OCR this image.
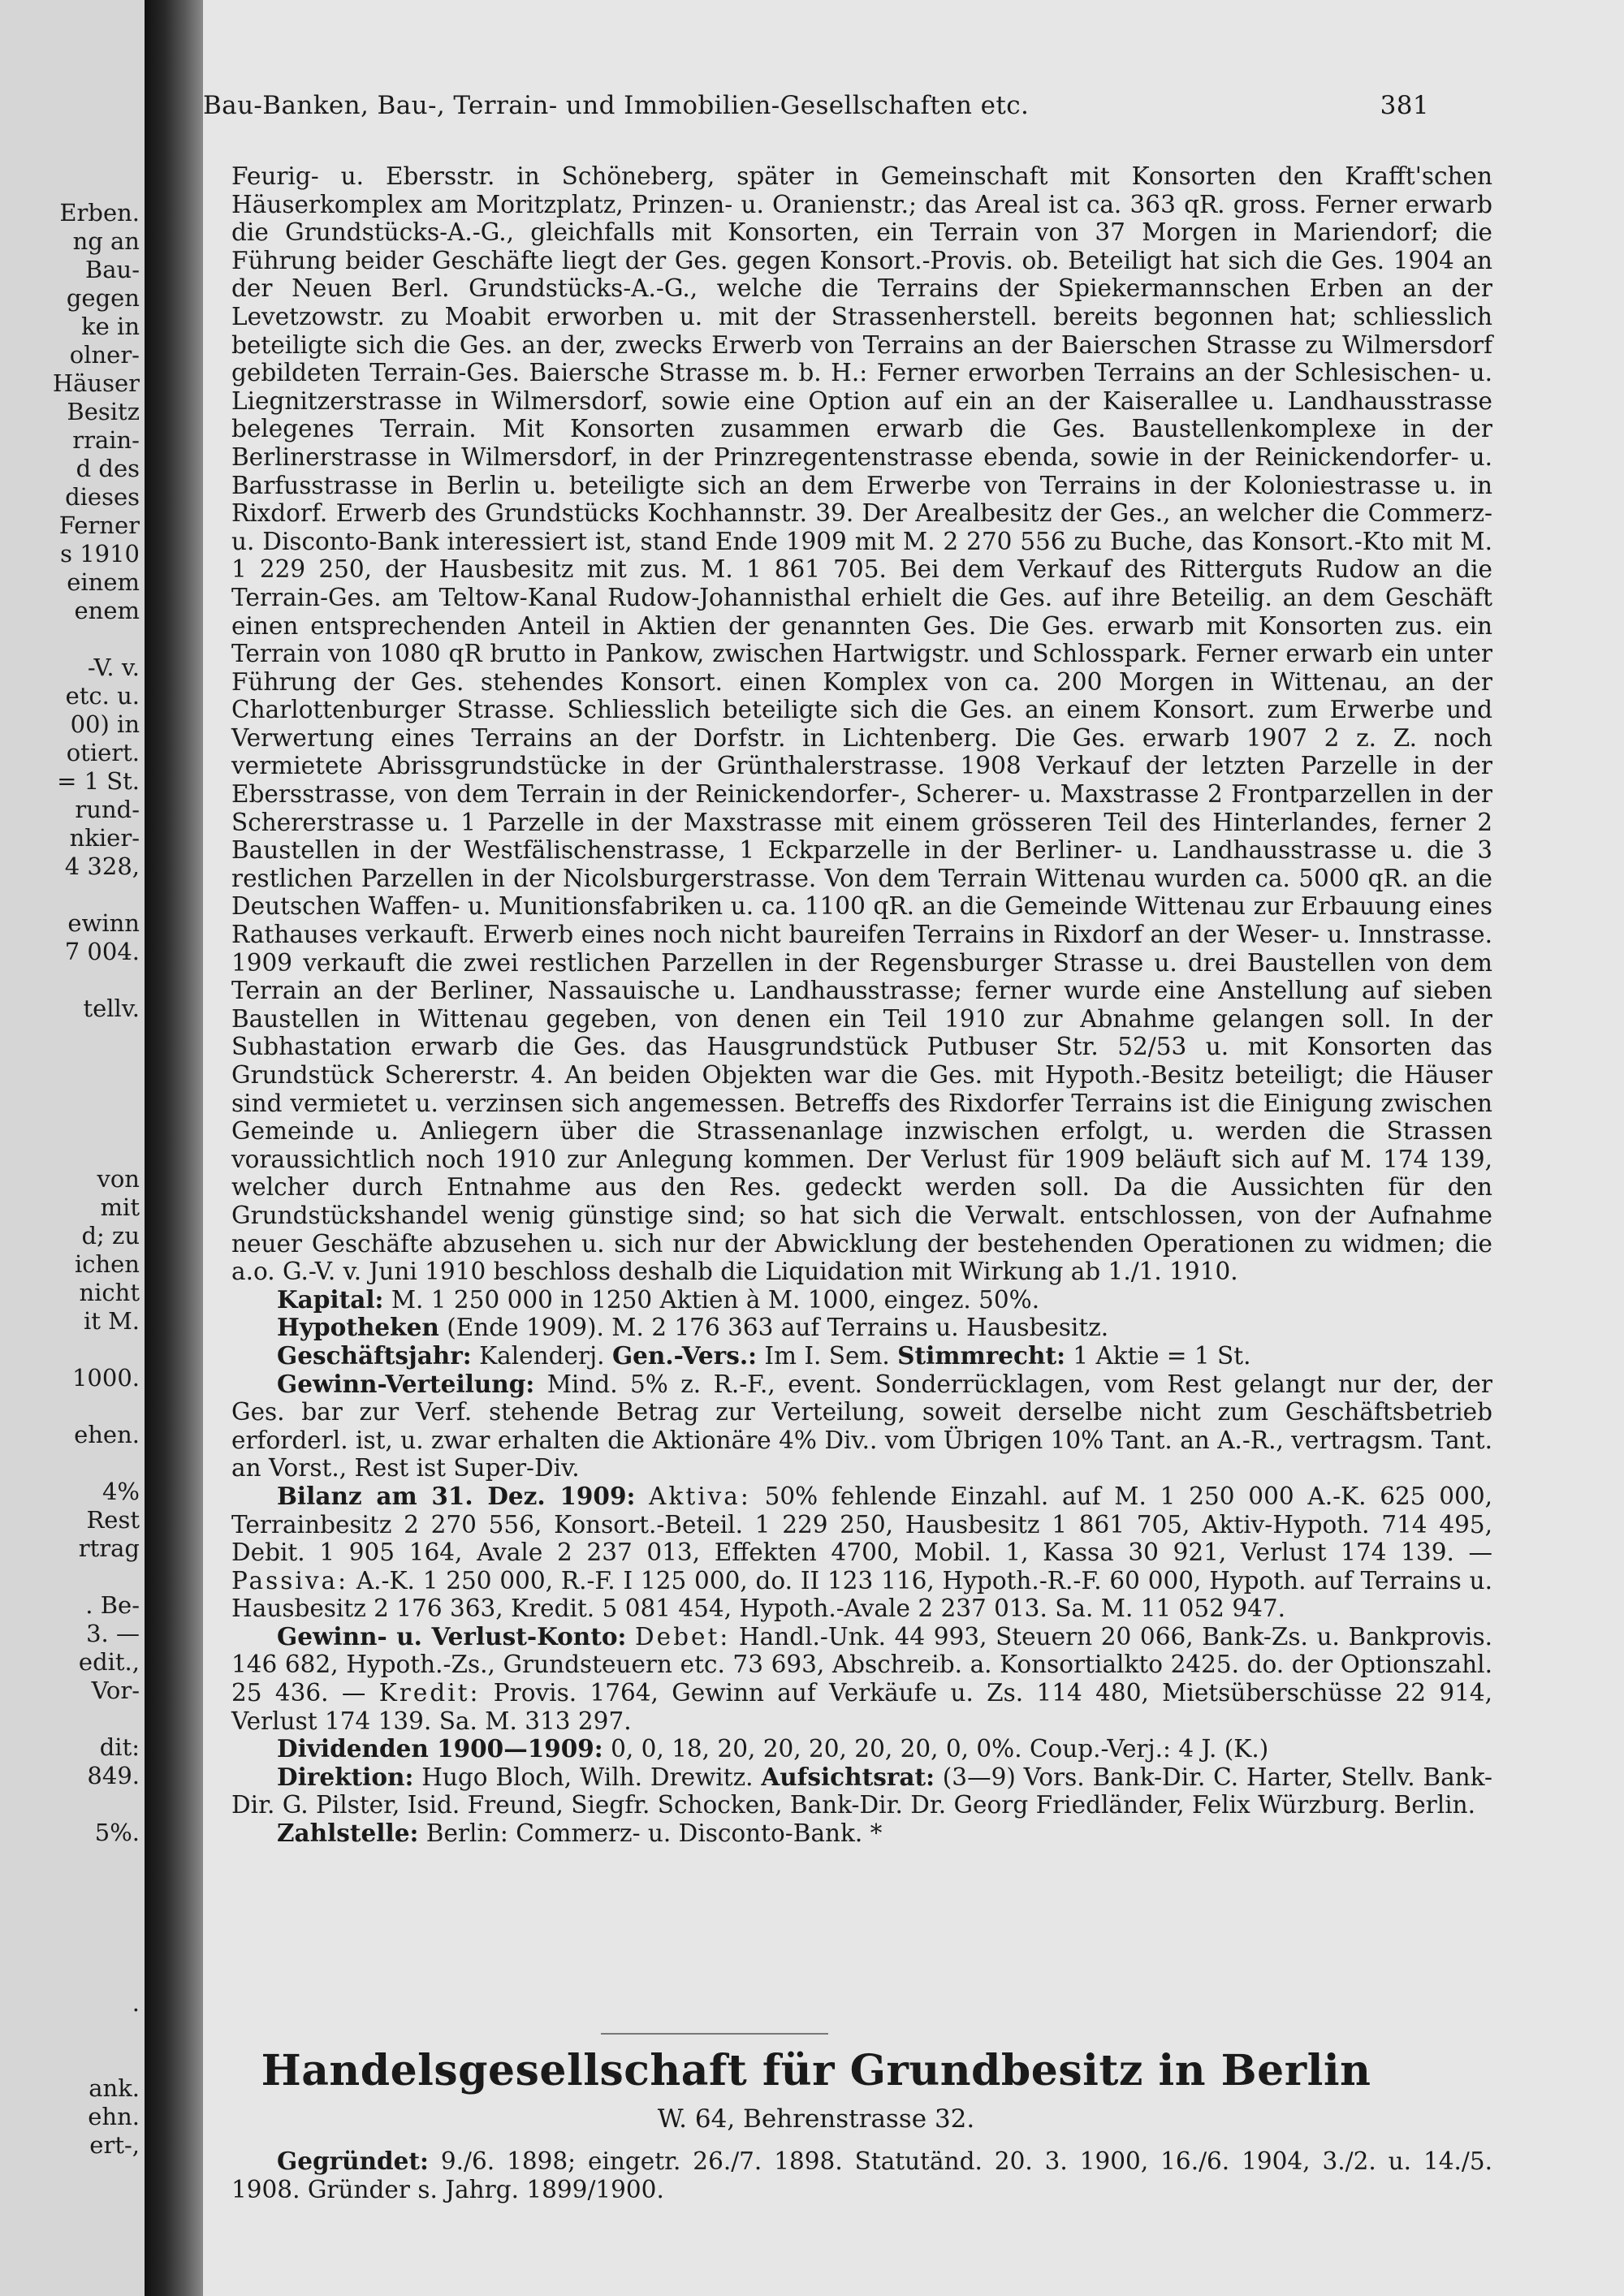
Erben.
ng an
Bau-
gegen
ke in
olner-
Häuser
Besitz
rrain-
d des
dieses
Ferner
s 1910
einem
enem
-V. v.
etc. u.
00) in
otiert.
= 1 St.
rund-
nkier-
4 328,
ewinn
7 004.
tellv.
von
mit
d; zu
ichen
nicht
it M.
1000.
ehen.
4%
Rest
rtrag
. Be-
3. —
edit.,
Vor-
dit:
849.
5%.
.
ank.
ehn.
ert-,
Bau-Banken, Bau-, Terrain- und Immobilien-Gesellschaften etc.	381

Feurig- u. Ebersstr. in Schöneberg, später in Gemeinschaft mit Konsorten den Krafft'schen Häuserkomplex am Moritzplatz, Prinzen- u. Oranienstr.; das Areal ist ca. 363 qR. gross. Ferner erwarb die Grundstücks-A.-G., gleichfalls mit Konsorten, ein Terrain von 37 Morgen in Mariendorf; die Führung beider Geschäfte liegt der Ges. gegen Konsort.-Provis. ob. Beteiligt hat sich die Ges. 1904 an der Neuen Berl. Grundstücks-A.-G., welche die Terrains der Spiekermannschen Erben an der Levetzowstr. zu Moabit erworben u. mit der Strassenherstell. bereits begonnen hat; schliesslich beteiligte sich die Ges. an der, zwecks Erwerb von Terrains an der Baierschen Strasse zu Wilmersdorf gebildeten Terrain-Ges. Baiersche Strasse m. b. H.: Ferner erworben Terrains an der Schlesischen- u. Liegnitzerstrasse in Wilmersdorf, sowie eine Option auf ein an der Kaiserallee u. Landhausstrasse belegenes Terrain. Mit Konsorten zusammen erwarb die Ges. Baustellenkomplexe in der Berlinerstrasse in Wilmersdorf, in der Prinzregentenstrasse ebenda, sowie in der Reinickendorfer- u. Barfusstrasse in Berlin u. beteiligte sich an dem Erwerbe von Terrains in der Koloniestrasse u. in Rixdorf. Erwerb des Grundstücks Kochhannstr. 39. Der Arealbesitz der Ges., an welcher die Commerz- u. Disconto-Bank interessiert ist, stand Ende 1909 mit M. 2 270 556 zu Buche, das Konsort.-Kto mit M. 1 229 250, der Hausbesitz mit zus. M. 1 861 705. Bei dem Verkauf des Ritterguts Rudow an die Terrain-Ges. am Teltow-Kanal Rudow-Johannisthal erhielt die Ges. auf ihre Beteilig. an dem Geschäft einen entsprechenden Anteil in Aktien der genannten Ges. Die Ges. erwarb mit Konsorten zus. ein Terrain von 1080 qR brutto in Pankow, zwischen Hartwigstr. und Schlosspark. Ferner erwarb ein unter Führung der Ges. stehendes Konsort. einen Komplex von ca. 200 Morgen in Wittenau, an der Charlottenburger Strasse. Schliesslich beteiligte sich die Ges. an einem Konsort. zum Erwerbe und Verwertung eines Terrains an der Dorfstr. in Lichtenberg. Die Ges. erwarb 1907 2 z. Z. noch vermietete Abrissgrundstücke in der Grünthalerstrasse. 1908 Verkauf der letzten Parzelle in der Ebersstrasse, von dem Terrain in der Reinickendorfer-, Scherer- u. Maxstrasse 2 Frontparzellen in der Schererstrasse u. 1 Parzelle in der Maxstrasse mit einem grösseren Teil des Hinterlandes, ferner 2 Baustellen in der Westfälischenstrasse, 1 Eckparzelle in der Berliner- u. Landhausstrasse u. die 3 restlichen Parzellen in der Nicolsburgerstrasse. Von dem Terrain Wittenau wurden ca. 5000 qR. an die Deutschen Waffen- u. Munitionsfabriken u. ca. 1100 qR. an die Gemeinde Wittenau zur Erbauung eines Rathauses verkauft. Erwerb eines noch nicht baureifen Terrains in Rixdorf an der Weser- u. Innstrasse. 1909 verkauft die zwei restlichen Parzellen in der Regensburger Strasse u. drei Baustellen von dem Terrain an der Berliner, Nassauische u. Landhausstrasse; ferner wurde eine Anstellung auf sieben Baustellen in Wittenau gegeben, von denen ein Teil 1910 zur Abnahme gelangen soll. In der Subhastation erwarb die Ges. das Hausgrundstück Putbuser Str. 52/53 u. mit Konsorten das Grundstück Schererstr. 4. An beiden Objekten war die Ges. mit Hypoth.-Besitz beteiligt; die Häuser sind vermietet u. verzinsen sich angemessen. Betreffs des Rixdorfer Terrains ist die Einigung zwischen Gemeinde u. Anliegern über die Strassenanlage inzwischen erfolgt, u. werden die Strassen voraussichtlich noch 1910 zur Anlegung kommen. Der Verlust für 1909 beläuft sich auf M. 174 139, welcher durch Entnahme aus den Res. gedeckt werden soll. Da die Aussichten für den Grundstückshandel wenig günstige sind; so hat sich die Verwalt. entschlossen, von der Aufnahme neuer Geschäfte abzusehen u. sich nur der Abwicklung der bestehenden Operationen zu widmen; die a.o. G.-V. v. Juni 1910 beschloss deshalb die Liquidation mit Wirkung ab 1./1. 1910.

Kapital: M. 1 250 000 in 1250 Aktien à M. 1000, eingez. 50%.

Hypotheken (Ende 1909). M. 2 176 363 auf Terrains u. Hausbesitz.

Geschäftsjahr: Kalenderj. Gen.-Vers.: Im I. Sem. Stimmrecht: 1 Aktie = 1 St.

Gewinn-Verteilung: Mind. 5% z. R.-F., event. Sonderrücklagen, vom Rest gelangt nur der, der Ges. bar zur Verf. stehende Betrag zur Verteilung, soweit derselbe nicht zum Geschäftsbetrieb erforderl. ist, u. zwar erhalten die Aktionäre 4% Div.. vom Übrigen 10% Tant. an A.-R., vertragsm. Tant. an Vorst., Rest ist Super-Div.

Bilanz am 31. Dez. 1909: Aktiva: 50% fehlende Einzahl. auf M. 1 250 000 A.-K. 625 000, Terrainbesitz 2 270 556, Konsort.-Beteil. 1 229 250, Hausbesitz 1 861 705, Aktiv-Hypoth. 714 495, Debit. 1 905 164, Avale 2 237 013, Effekten 4700, Mobil. 1, Kassa 30 921, Verlust 174 139. — Passiva: A.-K. 1 250 000, R.-F. I 125 000, do. II 123 116, Hypoth.-R.-F. 60 000, Hypoth. auf Terrains u. Hausbesitz 2 176 363, Kredit. 5 081 454, Hypoth.-Avale 2 237 013. Sa. M. 11 052 947.

Gewinn- u. Verlust-Konto: Debet: Handl.-Unk. 44 993, Steuern 20 066, Bank-Zs. u. Bankprovis. 146 682, Hypoth.-Zs., Grundsteuern etc. 73 693, Abschreib. a. Konsortialkto 2425. do. der Optionszahl. 25 436. — Kredit: Provis. 1764, Gewinn auf Verkäufe u. Zs. 114 480, Mietsüberschüsse 22 914, Verlust 174 139. Sa. M. 313 297.

Dividenden 1900—1909: 0, 0, 18, 20, 20, 20, 20, 20, 0, 0%. Coup.-Verj.: 4 J. (K.)

Direktion: Hugo Bloch, Wilh. Drewitz. Aufsichtsrat: (3—9) Vors. Bank-Dir. C. Harter, Stellv. Bank-Dir. G. Pilster, Isid. Freund, Siegfr. Schocken, Bank-Dir. Dr. Georg Friedländer, Felix Würzburg. Berlin.

Zahlstelle: Berlin: Commerz- u. Disconto-Bank. *

Handelsgesellschaft für Grundbesitz in Berlin
W. 64, Behrenstrasse 32.
Gegründet: 9./6. 1898; eingetr. 26./7. 1898. Statutänd. 20. 3. 1900, 16./6. 1904, 3./2. u. 14./5. 1908. Gründer s. Jahrg. 1899/1900.
